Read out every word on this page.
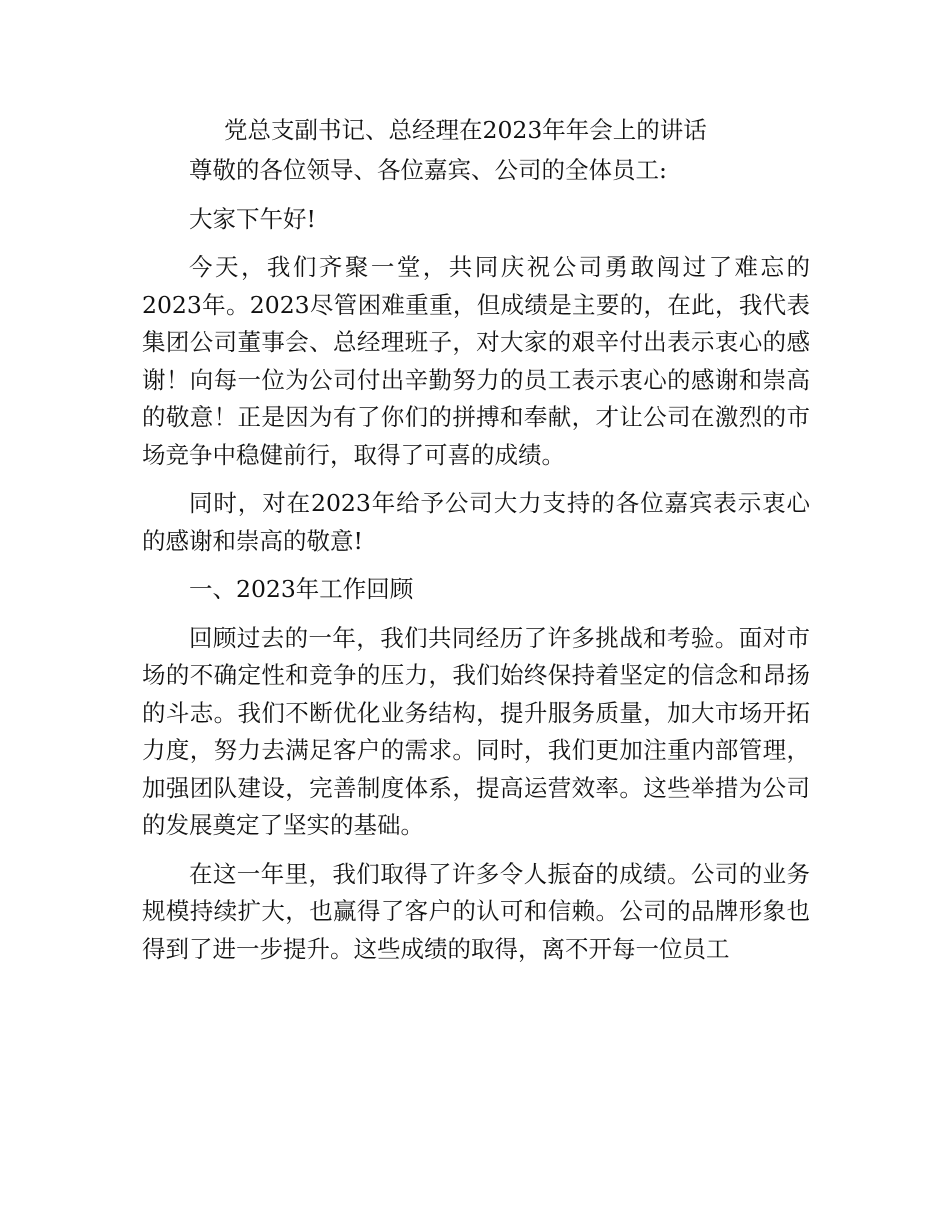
党总支副书记、总经理在2023年年会上的讲话

尊敬的各位领导、各位嘉宾、公司的全体员工:

大家下午好!

今天，我们齐聚一堂，共同庆祝公司勇敢闯过了难忘的2023年。2023尽管困难重重，但成绩是主要的，在此，我代表集团公司董事会、总经理班子，对大家的艰辛付出表示衷心的感谢！向每一位为公司付出辛勤努力的员工表示衷心的感谢和崇高的敬意！正是因为有了你们的拼搏和奉献，才让公司在激烈的市场竞争中稳健前行，取得了可喜的成绩。

同时，对在2023年给予公司大力支持的各位嘉宾表示衷心的感谢和崇高的敬意!

一、2023年工作回顾

回顾过去的一年，我们共同经历了许多挑战和考验。面对市场的不确定性和竞争的压力，我们始终保持着坚定的信念和昂扬的斗志。我们不断优化业务结构，提升服务质量，加大市场开拓力度，努力去满足客户的需求。同时，我们更加注重内部管理，加强团队建设，完善制度体系，提高运营效率。这些举措为公司的发展奠定了坚实的基础。

在这一年里，我们取得了许多令人振奋的成绩。公司的业务规模持续扩大，也赢得了客户的认可和信赖。公司的品牌形象也得到了进一步提升。这些成绩的取得，离不开每一位员工
